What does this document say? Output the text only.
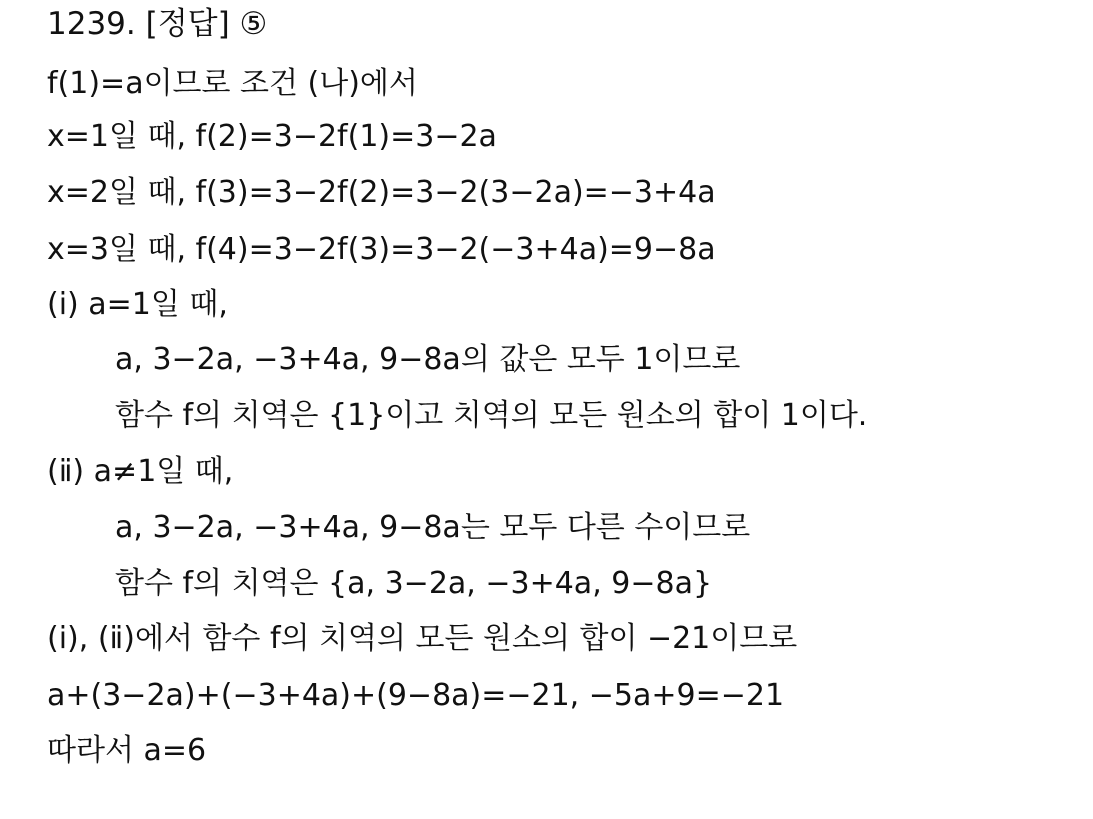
1239. [정답] ⑤
f(1)=a이므로 조건 (나)에서
x=1일 때, f(2)=3−2f(1)=3−2a
x=2일 때, f(3)=3−2f(2)=3−2(3−2a)=−3+4a
x=3일 때, f(4)=3−2f(3)=3−2(−3+4a)=9−8a
(ⅰ) a=1일 때,
a, 3−2a, −3+4a, 9−8a의 값은 모두 1이므로
함수 f의 치역은 {1}이고 치역의 모든 원소의 합이 1이다.
(ⅱ) a≠1일 때,
a, 3−2a, −3+4a, 9−8a는 모두 다른 수이므로
함수 f의 치역은 {a, 3−2a, −3+4a, 9−8a}
(ⅰ), (ⅱ)에서 함수 f의 치역의 모든 원소의 합이 −21이므로
a+(3−2a)+(−3+4a)+(9−8a)=−21, −5a+9=−21
따라서 a=6
